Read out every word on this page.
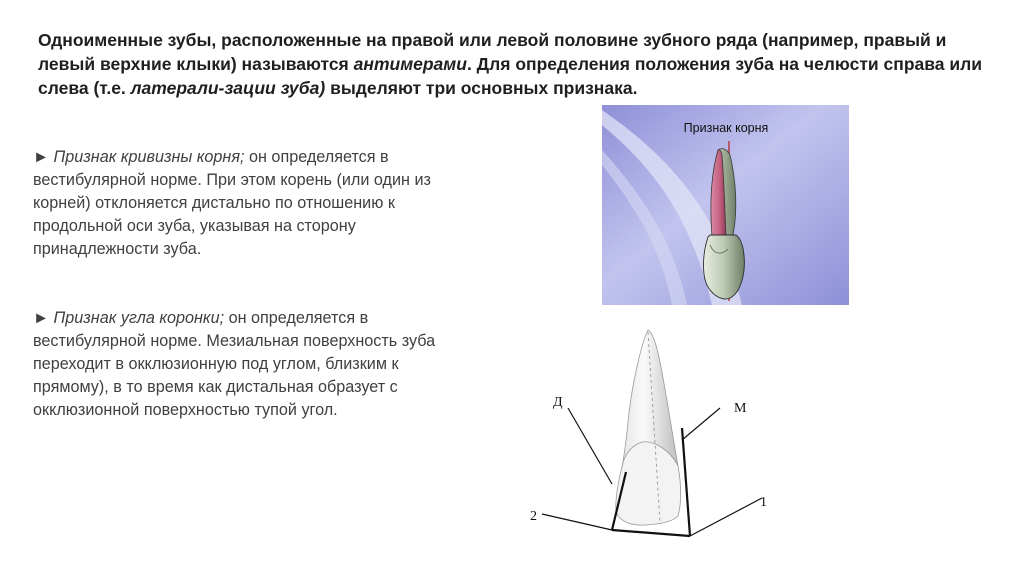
Одноименные зубы, расположенные на правой или левой половине зубного ряда (например, правый и левый верхние клыки) называются антимерами. Для определения положения зуба на челюсти справа или слева (т.е. латерали-зации зуба) выделяют три основных признака.

► Признак кривизны корня; он определяется в вестибулярной норме. При этом корень (или один из корней) отклоняется дистально по отношению к продольной оси зуба, указывая на сторону принадлежности зуба.

► Признак угла коронки; он определяется в вестибулярной норме. Мезиальная поверхность зуба переходит в окклюзионную под углом, близким к прямому), в то время как дистальная образует с окклюзионной поверхностью тупой угол.

Признак корня
Д	М
2
1
